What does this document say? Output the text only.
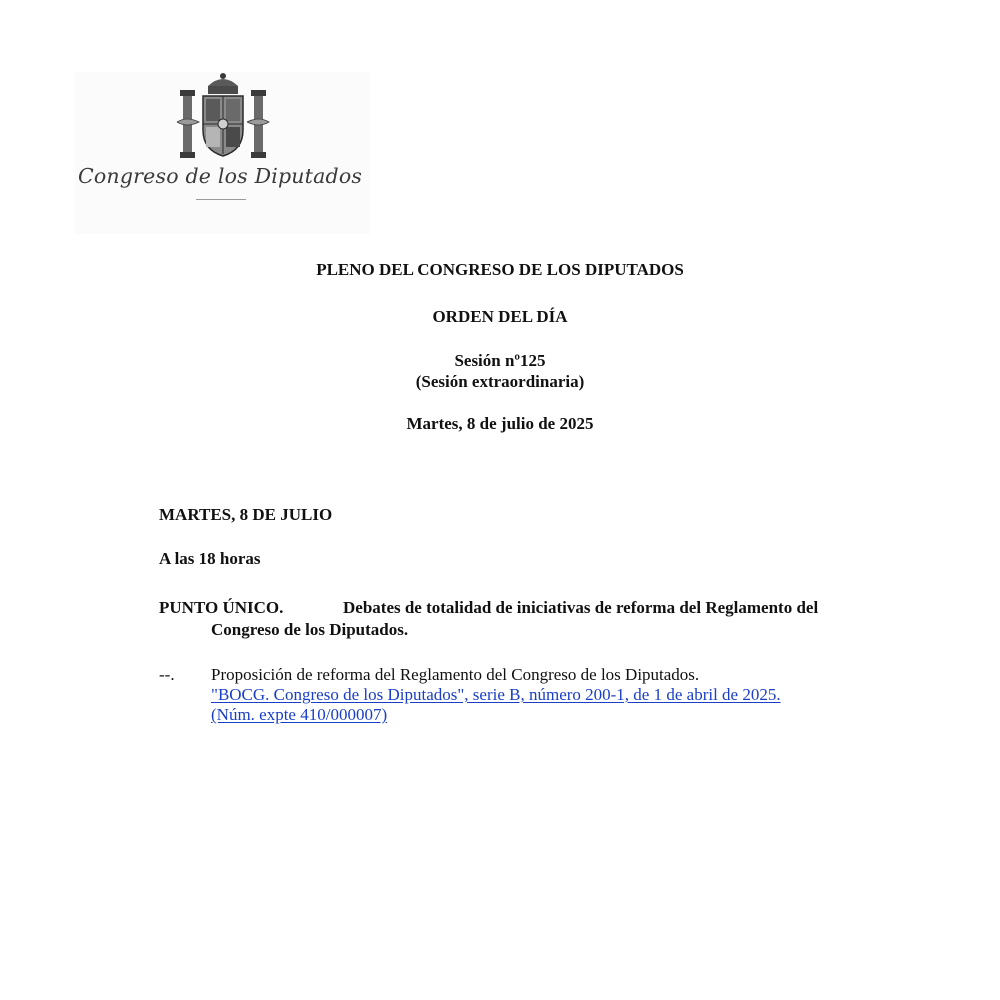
Congreso de los Diputados
PLENO DEL CONGRESO DE LOS DIPUTADOS
ORDEN DEL DÍA
Sesión nº125
(Sesión extraordinaria)
Martes, 8 de julio de 2025
MARTES, 8 DE JULIO
A las 18 horas
PUNTO ÚNICO.	Debates de totalidad de iniciativas de reforma del Reglamento del
Congreso de los Diputados.
--. Proposición de reforma del Reglamento del Congreso de los Diputados.
"BOCG. Congreso de los Diputados", serie B, número 200-1, de 1 de abril de 2025.
(Núm. expte 410/000007)
